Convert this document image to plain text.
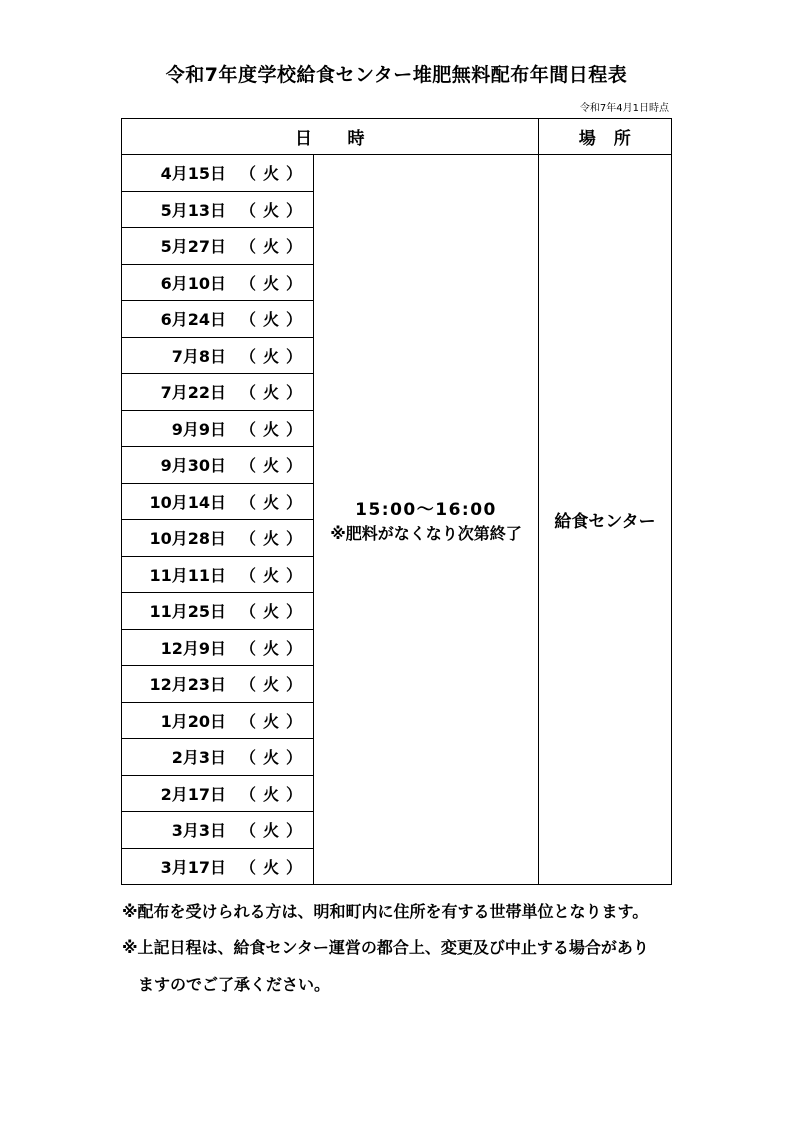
令和7年度学校給食センター堆肥無料配布年間日程表
令和7年4月1日時点
日　　時		場　所

4月15日 （ 火 ）	15:00～16:00
※肥料がなくなり次第終了	給食センター

5月13日 （ 火 ）		

5月27日 （ 火 ）		

6月10日 （ 火 ）		

6月24日 （ 火 ）		

7月8日 （ 火 ）		

7月22日 （ 火 ）		

9月9日 （ 火 ）		

9月30日 （ 火 ）		

10月14日 （ 火 ）		

10月28日 （ 火 ）		

11月11日 （ 火 ）		

11月25日 （ 火 ）		

12月9日 （ 火 ）		

12月23日 （ 火 ）		

1月20日 （ 火 ）		

2月3日 （ 火 ）		

2月17日 （ 火 ）		

3月3日 （ 火 ）		

3月17日 （ 火 ）		
※配布を受けられる方は、明和町内に住所を有する世帯単位となります。
※上記日程は、給食センター運営の都合上、変更及び中止する場合があり
ますのでご了承ください。
